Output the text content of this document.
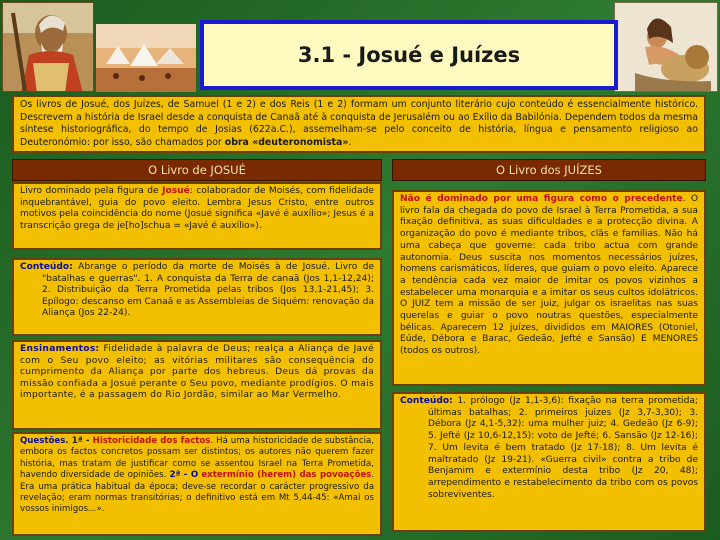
3.1 - Josué e Juízes
Os livros de Josué, dos Juízes, de Samuel (1 e 2) e dos Reis (1 e 2) formam um conjunto literário cujo conteúdo é essencialmente histórico. Descrevem a história de Israel desde a conquista de Canaã até à conquista de Jerusalém ou ao Exílio da Babilónia. Dependem todos da mesma síntese historiográfica, do tempo de Josias (622a.C.), assemelham-se pelo conceito de história, língua e pensamento religioso ao Deuteronómio: por isso, são chamados por obra «deuteronomista».
O Livro de JOSUÉ
Livro dominado pela figura de Josué: colaborador de Moisés, com fidelidade inquebrantável, guia do povo eleito. Lembra Jesus Cristo, entre outros motivos pela coincidência do nome (Josué significa «Javé é auxílio»; Jesus é a transcrição grega de je[ho]schua = «Javé é auxílio»).
Conteúdo: Abrange o período da morte de Moisés à de Josué. Livro de "batalhas e guerras". 1. A conquista da Terra de canaã (Jos 1,1-12,24); 2. Distribuição da Terra Prometida pelas tribos (Jos 13,1-21,45); 3. Epílogo: descanso em Canaã e as Assembleias de Siquém: renovação da Aliança (Jos 22-24).
Ensinamentos: Fidelidade à palavra de Deus; realça a Aliança de Javé com o Seu povo eleito; as vitórias militares são consequência do cumprimento da Aliança por parte dos hebreus. Deus dá provas da missão confiada a Josué perante o Seu povo, mediante prodígios. O mais importante, é a passagem do Rio Jordão, similar ao Mar Vermelho.
Questões. 1ª - Historicidade dos factos. Há uma historicidade de substância, embora os factos concretos possam ser distintos; os autores não querem fazer história, mas tratam de justificar como se assentou Israel na Terra Prometida, havendo diversidade de opiniões. 2ª - O extermínio (herem) das povoações. Era uma prática habitual da época; deve-se recordar o carácter progressivo da revelação; eram normas transitórias; o definitivo está em Mt 5,44-45: «Amai os vossos inimigos…».
O Livro dos JUÍZES
Não é dominado por uma figura como o precedente. O livro fala da chegada do povo de Israel à Terra Prometida, a sua fixação definitiva, as suas dificuldades e a protecção divina. A organização do povo é mediante tribos, clãs e famílias. Não há uma cabeça que governe: cada tribo actua com grande autonomia. Deus suscita nos momentos necessários juízes, homens carismáticos, líderes, que guiam o povo eleito. Aparece a tendência cada vez maior de imitar os povos vizinhos a estabelecer uma monarquia e a imitar os seus cultos idolátricos. O JUIZ tem a missão de ser juiz, julgar os israelitas nas suas querelas e guiar o povo noutras questões, especialmente bélicas. Aparecem 12 juízes, divididos em MAIORES (Otoniel, Eúde, Débora e Barac, Gedeão, Jefté e Sansão) E MENORES (todos os outros).
Conteúdo: 1. prólogo (Jz 1,1-3,6): fixação na terra prometida; últimas batalhas; 2. primeiros juizes (Jz 3,7-3,30); 3. Débora (Jz 4,1-5,32): uma mulher juiz; 4. Gedeão (Jz 6-9); 5. Jefté (Jz 10,6-12,15): voto de Jefté; 6. Sansão (Jz 12-16); 7. Um levita é bem tratado (Jz 17-18); 8. Um levita é maltratado (Jz 19-21). «Guerra civil» contra a tribo de Benjamim e extermínio desta tribo (Jz 20, 48); arrependimento e restabelecimento da tribo com os povos sobreviventes.
